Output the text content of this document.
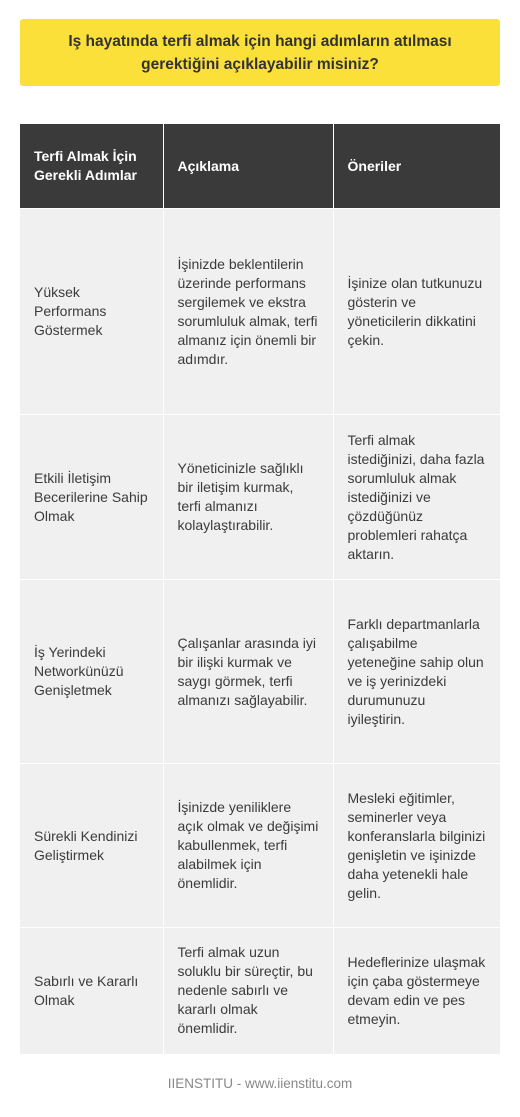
Iş hayatında terfi almak için hangi adımların atılması gerektiğini açıklayabilir misiniz?
Terfi Almak İçin Gerekli Adımlar	Açıklama	Öneriler
Yüksek Performans Göstermek	İşinizde beklentilerin üzerinde performans sergilemek ve ekstra sorumluluk almak, terfi almanız için önemli bir adımdır.	İşinize olan tutkunuzu gösterin ve yöneticilerin dikkatini çekin.
Etkili İletişim Becerilerine Sahip Olmak	Yöneticinizle sağlıklı bir iletişim kurmak, terfi almanızı kolaylaştırabilir.	Terfi almak istediğinizi, daha fazla sorumluluk almak istediğinizi ve çözdüğünüz problemleri rahatça aktarın.
İş Yerindeki Networkünüzü Genişletmek	Çalışanlar arasında iyi bir ilişki kurmak ve saygı görmek, terfi almanızı sağlayabilir.	Farklı departmanlarla çalışabilme yeteneğine sahip olun ve iş yerinizdeki durumunuzu iyileştirin.
Sürekli Kendinizi Geliştirmek	İşinizde yeniliklere açık olmak ve değişimi kabullenmek, terfi alabilmek için önemlidir.	Mesleki eğitimler, seminerler veya konferanslarla bilginizi genişletin ve işinizde daha yetenekli hale gelin.
Sabırlı ve Kararlı Olmak	Terfi almak uzun soluklu bir süreçtir, bu nedenle sabırlı ve kararlı olmak önemlidir.	Hedeflerinize ulaşmak için çaba göstermeye devam edin ve pes etmeyin.
IIENSTITU - www.iienstitu.com
